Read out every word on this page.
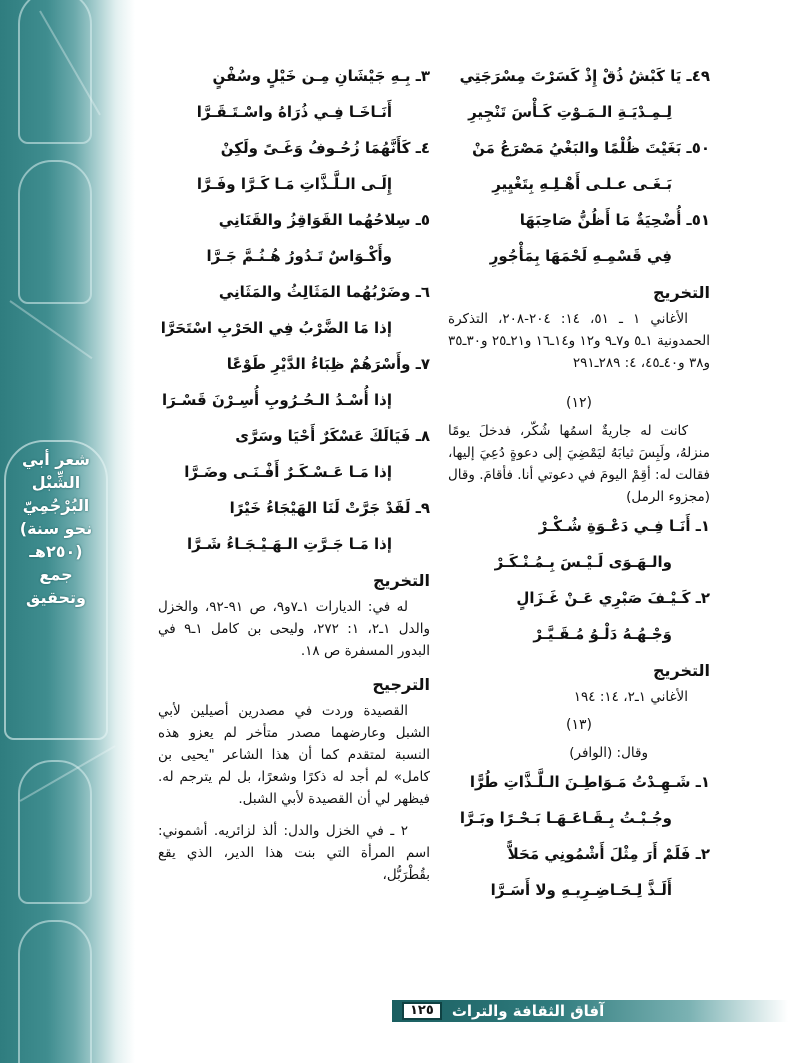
شعر أبي
الشِّبْل
البُرْجُمِيّ
(نحو سنة
٢٥٠هـ)
جمع
وتحقيق
٤٩ـ يَا كَبْشُ ذُقْ إِذْ كَسَرْتَ مِسْرَجَتِي
لِـمِـدْيَـةِ الـمَـوْتِ كَـأْسَ تَنْجِيرِ
٥٠ـ بَغَيْتَ ظُلْمًا والبَغْيُ مَصْرَعُ مَنْ
بَـغَـى عـلـى أَهْـلِـهِ بِتَغْيِيرِ
٥١ـ أُضْحِيَةٌ مَا أَظُنُّ صَاحِبَهَا
فِي قَسْمِـهِ لَحْمَهَا بِمَأْجُورِ
التخريج
الأغاني ١ ـ ٥١، ١٤: ٢٠٤-٢٠٨، التذكرة الحمدونية ١ـ٥ و٧ـ٩ و١٢ و١٤ـ١٦ و٢١ـ٢٥ و٣٠ـ٣٥ و٣٨ و٤٠ـ٤٥، ٤: ٢٨٩ـ٢٩١
(١٢)
كانت له جاريةٌ اسمُها شُكّر، فدخلَ يومًا منزلهُ، ولَبِسَ ثيابَهُ ليَمْضِيَ إلى دعوةٍ دُعِيَ إليها، فقالت له: أقِمْ اليومَ في دعوتي أنا. فأقامَ. وقال (مجزوء الرمل)
١ـ أَنَـا فِـي دَعْـوَةِ شُـكْـرْ
والـهَـوَى لَـيْـسَ بِـمُـنْـكَـرْ
٢ـ كَـيْـفَ صَبْرِي عَـنْ غَـزَالٍ
وَجْـهُـهُ دَلْـوُ مُـقَـيَّـرْ
التخريج
الأغاني ١ـ٢، ١٤: ١٩٤
(١٣)
وقال: (الوافر)
١ـ شَـهِـدْتُ مَـوَاطِـنَ الـلَّـذَّاتِ طُرًّا
وجُـبْـتُ بِـقَـاعَـهَـا بَـحْـرًا وبَـرَّا
٢ـ فَلَمْ أَرَ مِثْلَ أَشْمُونِي مَحَلاًّ
أَلَـذَّ لِـحَـاضِـرِيـهِ ولا أَسَـرَّا
٣ـ بِـهِ جَيْشَانِ مِـن خَيْلٍ وسُفْنٍ
أَنَـاخَـا فِـي ذُرَاهُ واسْـتَـقَـرَّا
٤ـ كَأَنَّهُمَا زُحُـوفُ وَغَـىً ولَكِنْ
إِلَـى الـلَّـذَّاتِ مَـا كَـرَّا وفَـرَّا
٥ـ سِلاحُهُما القَوَاقِزُ والقَنَانِي
وأَكْـوَاسٌ تَـدُورُ هُـنُـمَّ جَـرَّا
٦ـ وضَرْبُهُما المَثَالِثُ والمَثَانِي
إذا مَا الضَّرْبُ فِي الحَرْبِ اسْتَحَرَّا
٧ـ وأَسْرَهُمْ ظِبَاءُ الدَّيْرِ طَوْعًا
إذا أُسْـدُ الـحُـرُوبِ أُسِـرْنَ قَسْـرَا
٨ـ فَيَالَكَ عَسْكَرٌ أَحْيَا وسَرَّى
إذا مَـا عَـسْـكَـرٌ أَفْـنَـى وضَـرَّا
٩ـ لَقَدْ جَرَّتْ لَنَا الهَيْجَاءُ خَيْرًا
إذا مَـا جَـرَّتِ الـهَـيْـجَـاءُ شَـرَّا
التخريج
له في: الديارات ١ـ٧و٩، ص ٩١-٩٢، والخزل والدل ١ـ٢، ١: ٢٧٢، وليحى بن كامل ١ـ٩ في البدور المسفرة ص ١٨.
الترجيح
القصيدة وردت في مصدرين أصيلين لأبي الشبل وعارضهما مصدر متأخر لم يعزو هذه النسبة لمتقدم كما أن هذا الشاعر "يحيى بن كامل» لم أجد له ذكرًا وشعرًا، بل لم يترجم له. فيظهر لي أن القصيدة لأبي الشبل.
٢ ـ في الخزل والدل: ألذ لزائريه. أشموني: اسم المرأة التي بنت هذا الدير، الذي يقع بقُطْرَبُّل،
١٢٥	آفاق الثقافة والتراث
